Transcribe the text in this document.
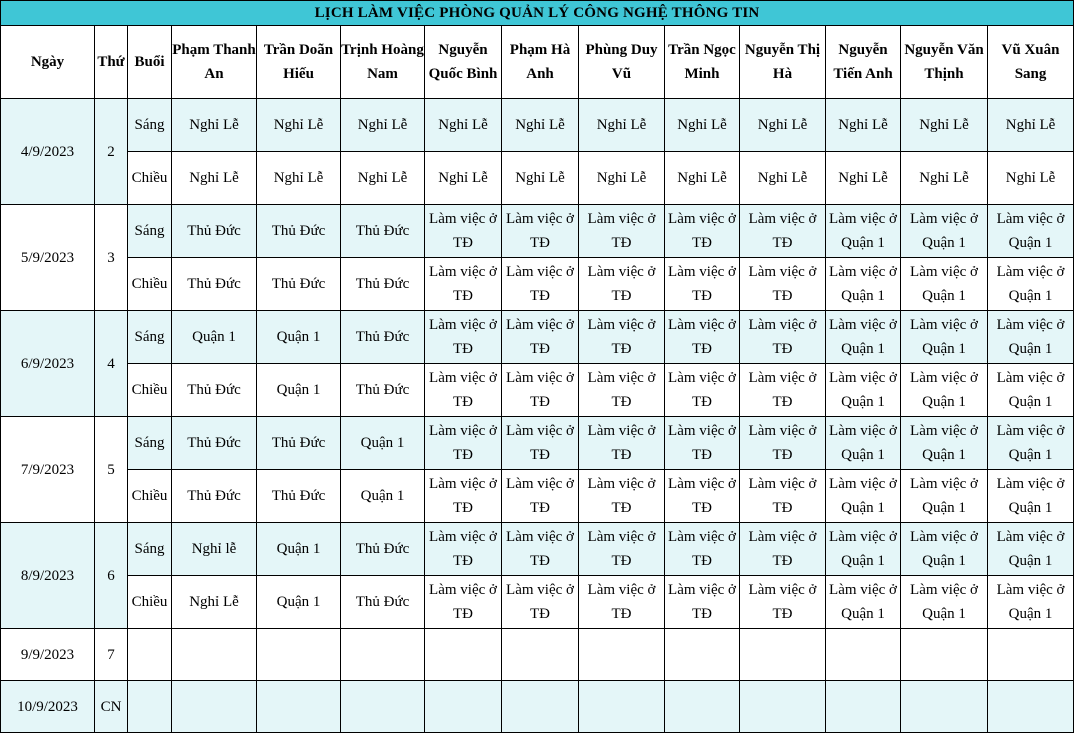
LỊCH LÀM VIỆC PHÒNG QUẢN LÝ CÔNG NGHỆ THÔNG TIN													
Ngày	Thứ	Buổi	Phạm Thanh An	Trần Doãn Hiếu	Trịnh Hoàng Nam	Nguyễn Quốc Bình	Phạm Hà Anh	Phùng Duy Vũ	Trần Ngọc Minh	Nguyễn Thị Hà	Nguyễn Tiến Anh	Nguyễn Văn Thịnh	Vũ Xuân Sang
4/9/2023	2	Sáng	Nghỉ Lễ	Nghỉ Lễ	Nghỉ Lễ	Nghỉ Lễ	Nghỉ Lễ	Nghỉ Lễ	Nghỉ Lễ	Nghỉ Lễ	Nghỉ Lễ	Nghỉ Lễ	Nghỉ Lễ
		Chiều	Nghỉ Lễ	Nghỉ Lễ	Nghỉ Lễ	Nghỉ Lễ	Nghỉ Lễ	Nghỉ Lễ	Nghỉ Lễ	Nghỉ Lễ	Nghỉ Lễ	Nghỉ Lễ	Nghỉ Lễ
5/9/2023	3	Sáng	Thủ Đức	Thủ Đức	Thủ Đức	Làm việc ở TĐ	Làm việc ở TĐ	Làm việc ở TĐ	Làm việc ở TĐ	Làm việc ở TĐ	Làm việc ở Quận 1	Làm việc ở Quận 1	Làm việc ở Quận 1
		Chiều	Thủ Đức	Thủ Đức	Thủ Đức	Làm việc ở TĐ	Làm việc ở TĐ	Làm việc ở TĐ	Làm việc ở TĐ	Làm việc ở TĐ	Làm việc ở Quận 1	Làm việc ở Quận 1	Làm việc ở Quận 1
6/9/2023	4	Sáng	Quận 1	Quận 1	Thủ Đức	Làm việc ở TĐ	Làm việc ở TĐ	Làm việc ở TĐ	Làm việc ở TĐ	Làm việc ở TĐ	Làm việc ở Quận 1	Làm việc ở Quận 1	Làm việc ở Quận 1
		Chiều	Thủ Đức	Quận 1	Thủ Đức	Làm việc ở TĐ	Làm việc ở TĐ	Làm việc ở TĐ	Làm việc ở TĐ	Làm việc ở TĐ	Làm việc ở Quận 1	Làm việc ở Quận 1	Làm việc ở Quận 1
7/9/2023	5	Sáng	Thủ Đức	Thủ Đức	Quận 1	Làm việc ở TĐ	Làm việc ở TĐ	Làm việc ở TĐ	Làm việc ở TĐ	Làm việc ở TĐ	Làm việc ở Quận 1	Làm việc ở Quận 1	Làm việc ở Quận 1
		Chiều	Thủ Đức	Thủ Đức	Quận 1	Làm việc ở TĐ	Làm việc ở TĐ	Làm việc ở TĐ	Làm việc ở TĐ	Làm việc ở TĐ	Làm việc ở Quận 1	Làm việc ở Quận 1	Làm việc ở Quận 1
8/9/2023	6	Sáng	Nghỉ lễ	Quận 1	Thủ Đức	Làm việc ở TĐ	Làm việc ở TĐ	Làm việc ở TĐ	Làm việc ở TĐ	Làm việc ở TĐ	Làm việc ở Quận 1	Làm việc ở Quận 1	Làm việc ở Quận 1
		Chiều	Nghỉ Lễ	Quận 1	Thủ Đức	Làm việc ở TĐ	Làm việc ở TĐ	Làm việc ở TĐ	Làm việc ở TĐ	Làm việc ở TĐ	Làm việc ở Quận 1	Làm việc ở Quận 1	Làm việc ở Quận 1
9/9/2023	7												
10/9/2023	CN												
